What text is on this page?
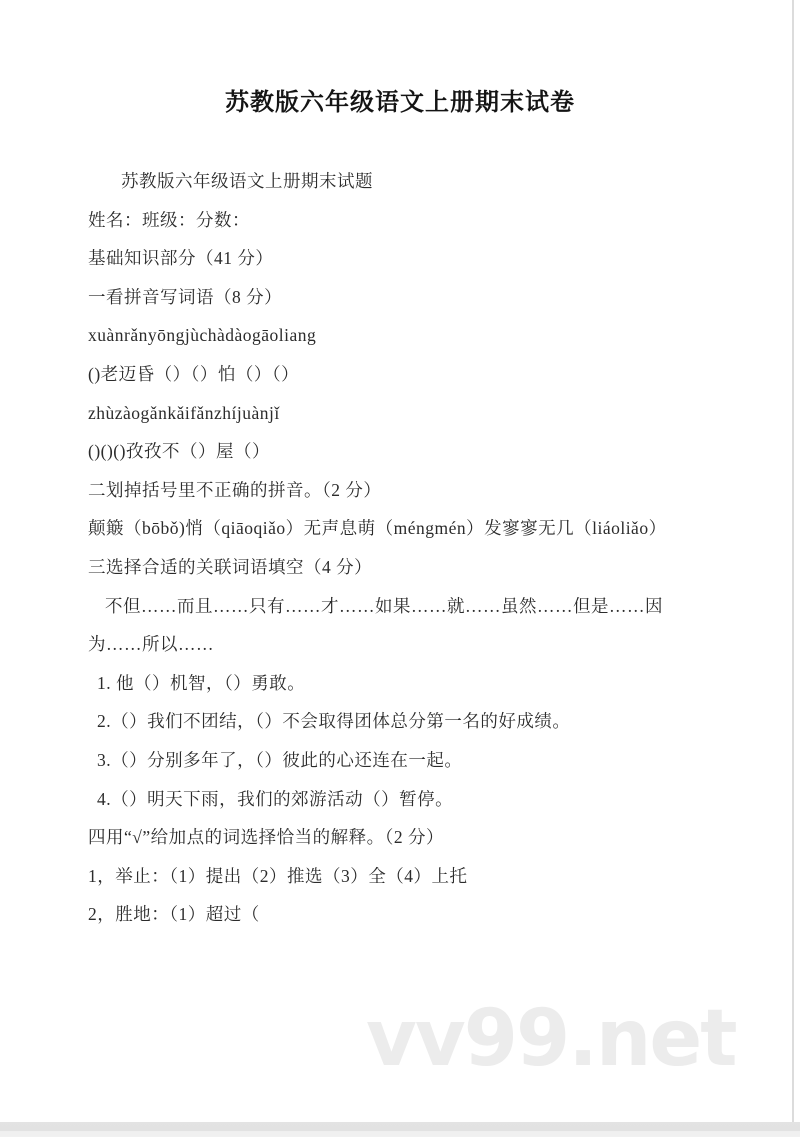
苏教版六年级语文上册期末试卷

苏教版六年级语文上册期末试题

姓名：班级：分数：

基础知识部分（41 分）

一看拼音写词语（8 分）

xuànrǎnyōngjùchàdàogāoliang

()老迈昏（）（）怕（）（）

zhùzàogǎnkǎifǎnzhíjuànjǐ

()()()孜孜不（）屋（）

二划掉括号里不正确的拼音。（2 分）

颠簸（bōbǒ)悄（qiāoqiǎo）无声息萌（méngmén）发寥寥无几（liáoliǎo）

三选择合适的关联词语填空（4 分）

不但……而且……只有……才……如果……就……虽然……但是……因

为……所以……

1. 他（）机智，（）勇敢。

2.（）我们不团结，（）不会取得团体总分第一名的好成绩。

3.（）分别多年了，（）彼此的心还连在一起。

4.（）明天下雨，我们的郊游活动（）暂停。

四用“√”给加点的词选择恰当的解释。（2 分）

1，举止：（1）提出（2）推选（3）全（4）上托

2，胜地：（1）超过（

vv99.net
